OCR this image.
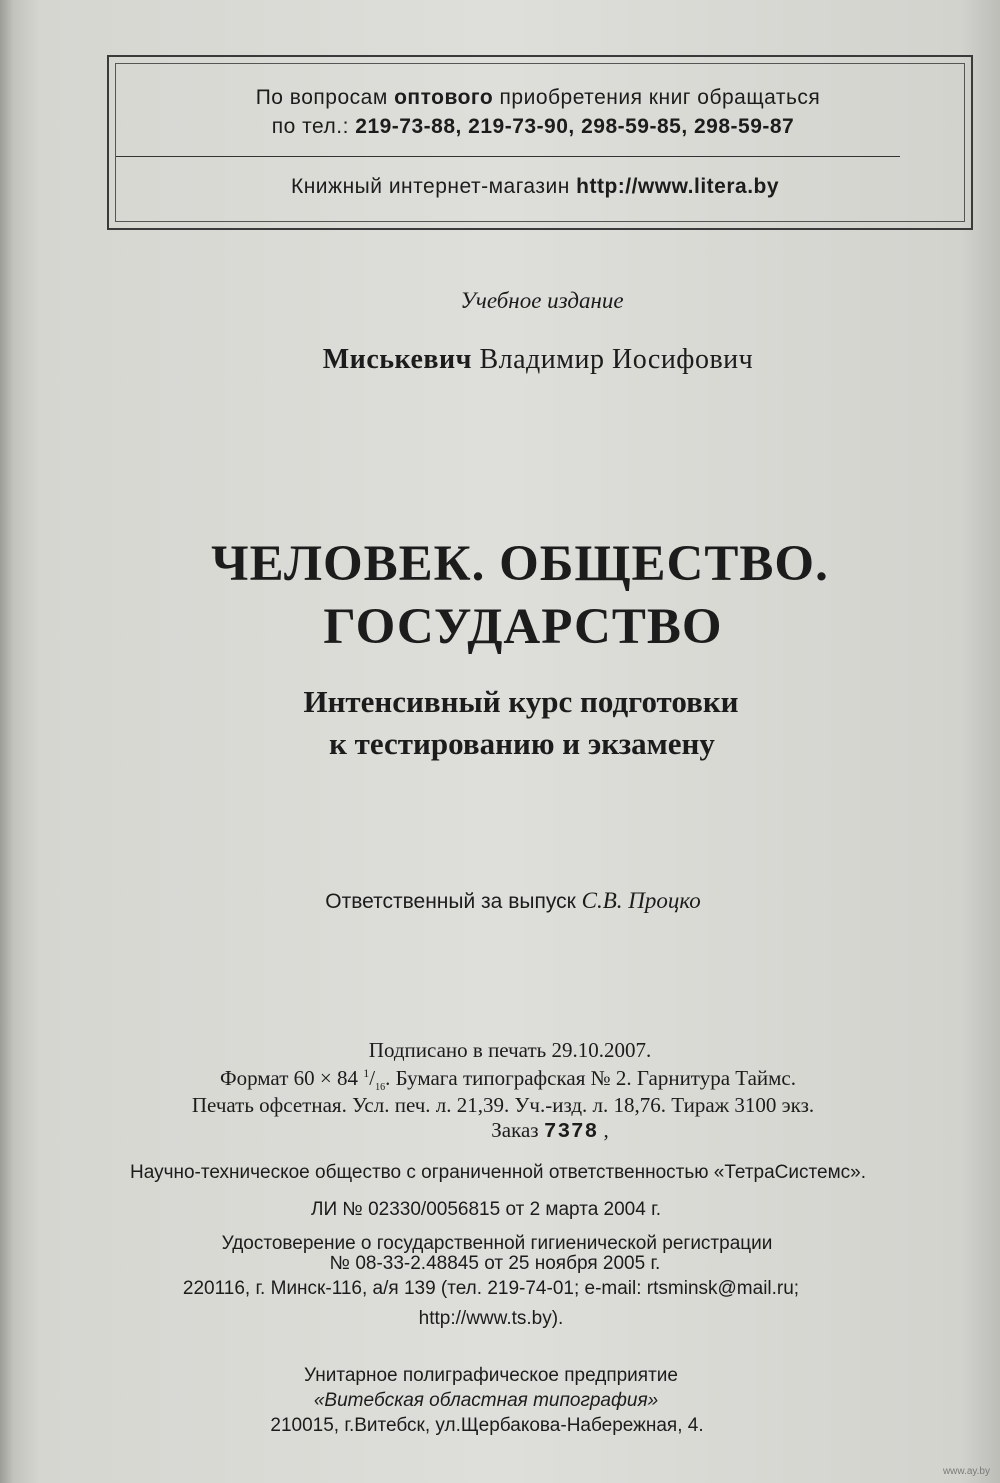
По вопросам оптового приобретения книг обращаться
по тел.: 219-73-88, 219-73-90, 298-59-85, 298-59-87
Книжный интернет-магазин http://www.litera.by
Учебное издание
Миськевич Владимир Иосифович
ЧЕЛОВЕК. ОБЩЕСТВО.
ГОСУДАРСТВО
Интенсивный курс подготовки
к тестированию и экзамену
Ответственный за выпуск С.В. Процко
Подписано в печать 29.10.2007.
Формат 60 × 84 $^1/_{16}$. Бумага типографская № 2. Гарнитура Таймс.
Печать офсетная. Усл. печ. л. 21,39. Уч.-изд. л. 18,76. Тираж 3100 экз.
Заказ 7378 ,
Научно-техническое общество с ограниченной ответственностью «ТетраСистемс».
ЛИ № 02330/0056815 от 2 марта 2004 г.
Удостоверение о государственной гигиенической регистрации
№ 08-33-2.48845 от 25 ноября 2005 г.
220116, г. Минск-116, а/я 139 (тел. 219-74-01; e-mail: rtsminsk@mail.ru;
http://www.ts.by).
Унитарное полиграфическое предприятие
«Витебская областная типография»
210015, г.Витебск, ул.Щербакова-Набережная, 4.
www.ay.by
